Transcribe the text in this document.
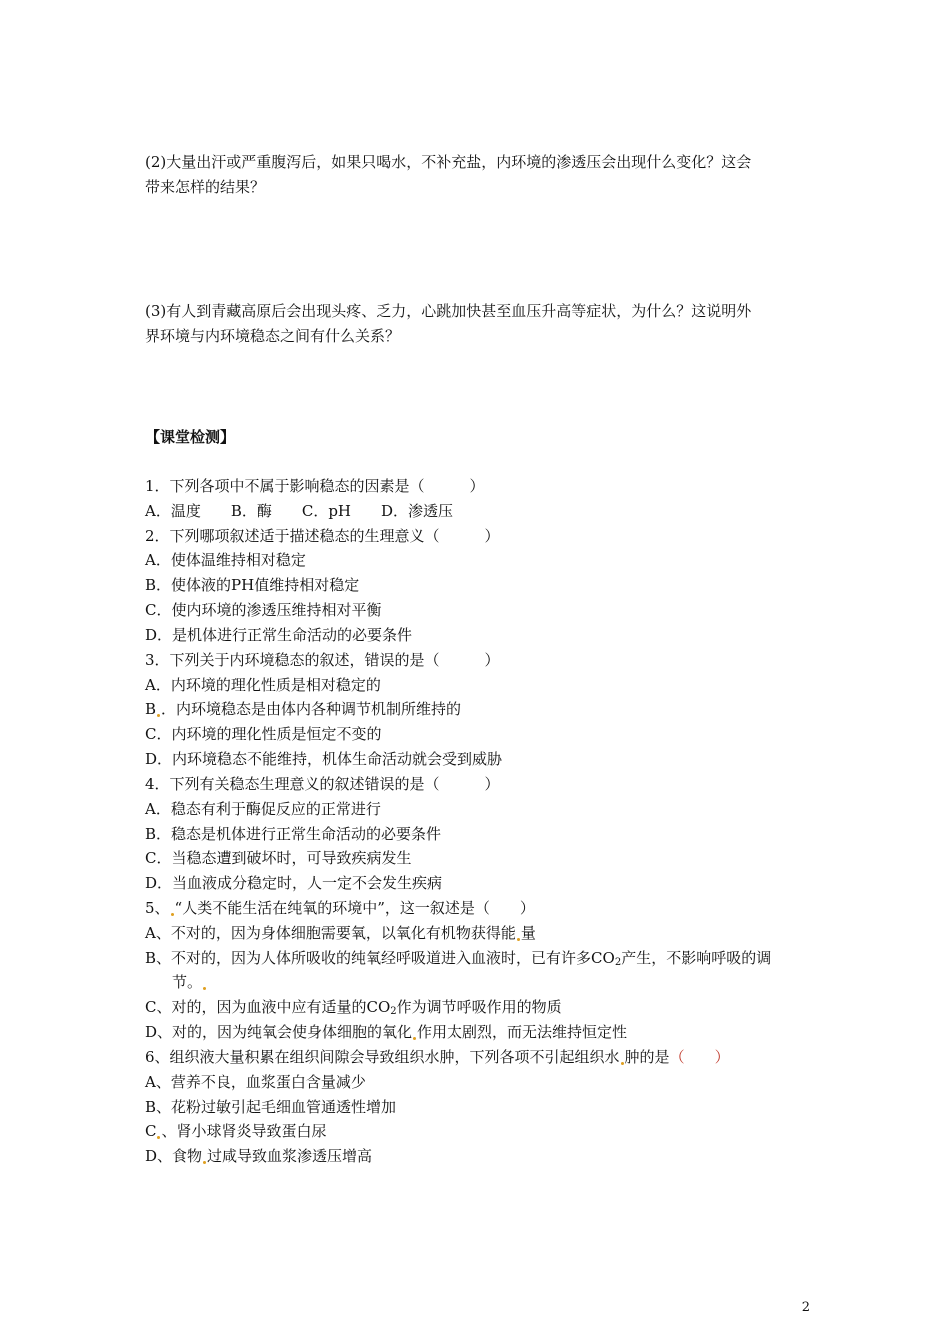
(2)大量出汗或严重腹泻后，如果只喝水，不补充盐，内环境的渗透压会出现什么变化？这会
带来怎样的结果？
(3)有人到青藏高原后会出现头疼、乏力，心跳加快甚至血压升高等症状，为什么？这说明外
界环境与内环境稳态之间有什么关系？
【课堂检测】
1．下列各项中不属于影响稳态的因素是（　　　）
A．温度　　B．酶　　C．pH　　D．渗透压
2．下列哪项叙述适于描述稳态的生理意义（　　　）
A．使体温维持相对稳定
B．使体液的PH值维持相对稳定
C．使内环境的渗透压维持相对平衡
D．是机体进行正常生命活动的必要条件
3．下列关于内环境稳态的叙述，错误的是（　　　）
A．内环境的理化性质是相对稳定的
B ．内环境稳态是由体内各种调节机制所维持的
C．内环境的理化性质是恒定不变的
D．内环境稳态不能维持，机体生命活动就会受到威胁
4．下列有关稳态生理意义的叙述错误的是（　　　）
A．稳态有利于酶促反应的正常进行
B．稳态是机体进行正常生命活动的必要条件
C．当稳态遭到破坏时，可导致疾病发生
D．当血液成分稳定时，人一定不会发生疾病
5、 “人类不能生活在纯氧的环境中”，这一叙述是（　　）
A、不对的，因为身体细胞需要氧，以氧化有机物获得能 量
B、不对的，因为人体所吸收的纯氧经呼吸道进入血液时，已有许多$CO_2$产生，不影响呼吸的调
节。
C、对的，因为血液中应有适量的$CO_2$作为调节呼吸作用的物质
D、对的，因为纯氧会使身体细胞的氧化 作用太剧烈，而无法维持恒定性
6、组织液大量积累在组织间隙会导致组织水肿，下列各项不引起组织水 肿的是（　　）
A、营养不良，血浆蛋白含量减少
B、花粉过敏引起毛细血管通透性增加
C 、肾小球肾炎导致蛋白尿
D、食物 过咸导致血浆渗透压增高
2
